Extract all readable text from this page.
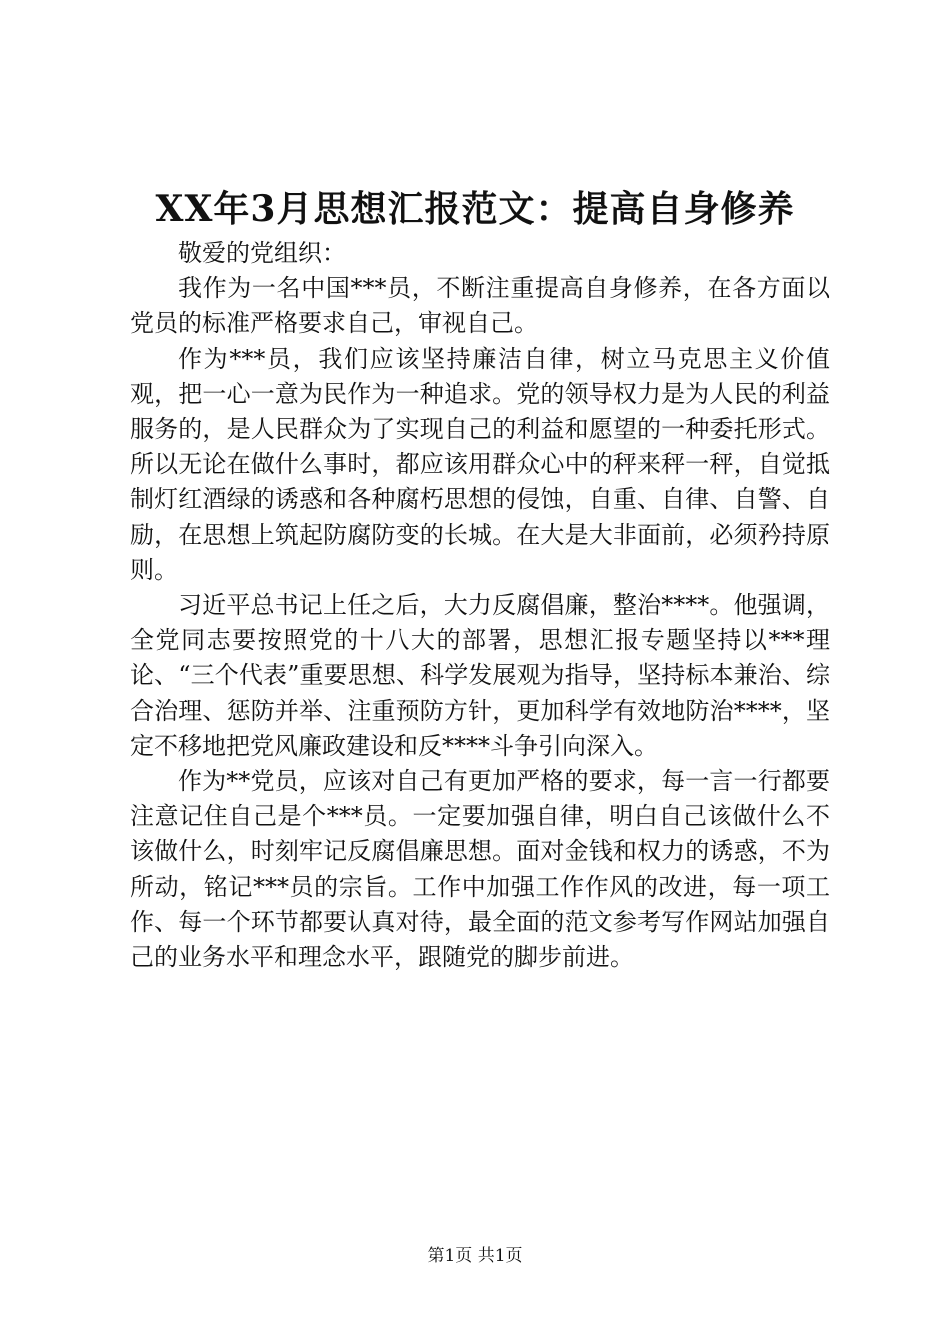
XX年3月思想汇报范文：提高自身修养

敬爱的党组织：

我作为一名中国***员，不断注重提高自身修养，在各方面以党员的标准严格要求自己，审视自己。

作为***员，我们应该坚持廉洁自律，树立马克思主义价值观，把一心一意为民作为一种追求。党的领导权力是为人民的利益服务的，是人民群众为了实现自己的利益和愿望的一种委托形式。所以无论在做什么事时，都应该用群众心中的秤来秤一秤，自觉抵制灯红酒绿的诱惑和各种腐朽思想的侵蚀，自重、自律、自警、自励，在思想上筑起防腐防变的长城。在大是大非面前，必须矜持原则。

习近平总书记上任之后，大力反腐倡廉，整治****。他强调，全党同志要按照党的十八大的部署，思想汇报专题坚持以***理论、“三个代表”重要思想、科学发展观为指导，坚持标本兼治、综合治理、惩防并举、注重预防方针，更加科学有效地防治****，坚定不移地把党风廉政建设和反****斗争引向深入。

作为**党员，应该对自己有更加严格的要求，每一言一行都要注意记住自己是个***员。一定要加强自律，明白自己该做什么不该做什么，时刻牢记反腐倡廉思想。面对金钱和权力的诱惑，不为所动，铭记***员的宗旨。工作中加强工作作风的改进，每一项工作、每一个环节都要认真对待，最全面的范文参考写作网站加强自己的业务水平和理念水平，跟随党的脚步前进。

第1页 共1页
